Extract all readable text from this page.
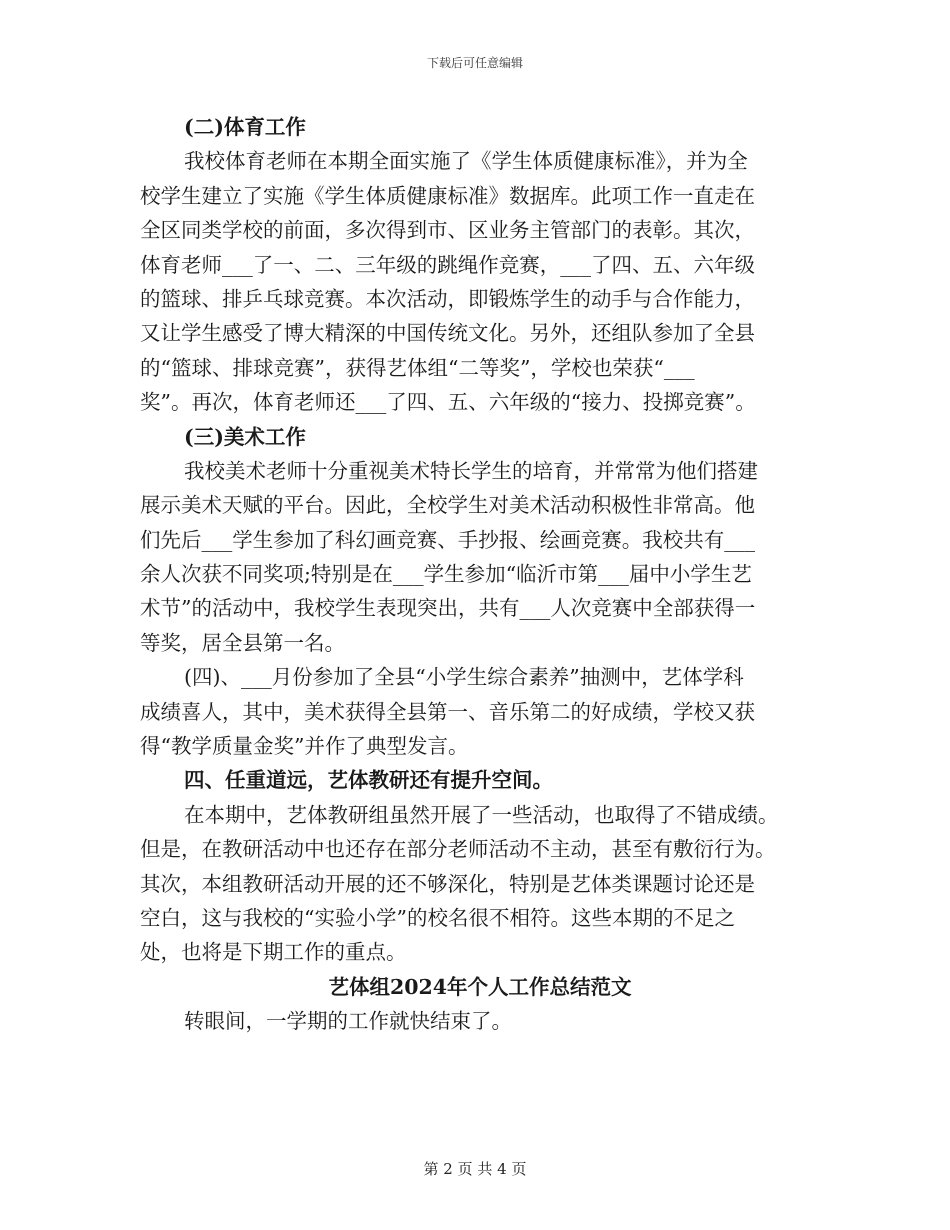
下载后可任意编辑
(二)体育工作
我校体育老师在本期全面实施了《学生体质健康标准》，并为全
校学生建立了实施《学生体质健康标准》数据库。此项工作一直走在
全区同类学校的前面，多次得到市、区业务主管部门的表彰。其次，
体育老师___了一、二、三年级的跳绳作竞赛，___了四、五、六年级
的篮球、排乒乓球竞赛。本次活动，即锻炼学生的动手与合作能力，
又让学生感受了博大精深的中国传统文化。另外，还组队参加了全县
的“篮球、排球竞赛”，获得艺体组“二等奖”，学校也荣获“___
奖”。再次，体育老师还___了四、五、六年级的“接力、投掷竞赛”。
(三)美术工作
我校美术老师十分重视美术特长学生的培育，并常常为他们搭建
展示美术天赋的平台。因此，全校学生对美术活动积极性非常高。他
们先后___学生参加了科幻画竞赛、手抄报、绘画竞赛。我校共有___
余人次获不同奖项;特别是在___学生参加“临沂市第___届中小学生艺
术节”的活动中，我校学生表现突出，共有___人次竞赛中全部获得一
等奖，居全县第一名。
(四)、___月份参加了全县“小学生综合素养”抽测中，艺体学科
成绩喜人，其中，美术获得全县第一、音乐第二的好成绩，学校又获
得“教学质量金奖”并作了典型发言。
四、任重道远，艺体教研还有提升空间。
在本期中，艺体教研组虽然开展了一些活动，也取得了不错成绩。
但是，在教研活动中也还存在部分老师活动不主动，甚至有敷衍行为。
其次，本组教研活动开展的还不够深化，特别是艺体类课题讨论还是
空白，这与我校的“实验小学”的校名很不相符。这些本期的不足之
处，也将是下期工作的重点。
艺体组2024年个人工作总结范文
转眼间，一学期的工作就快结束了。
第 2 页 共 4 页
